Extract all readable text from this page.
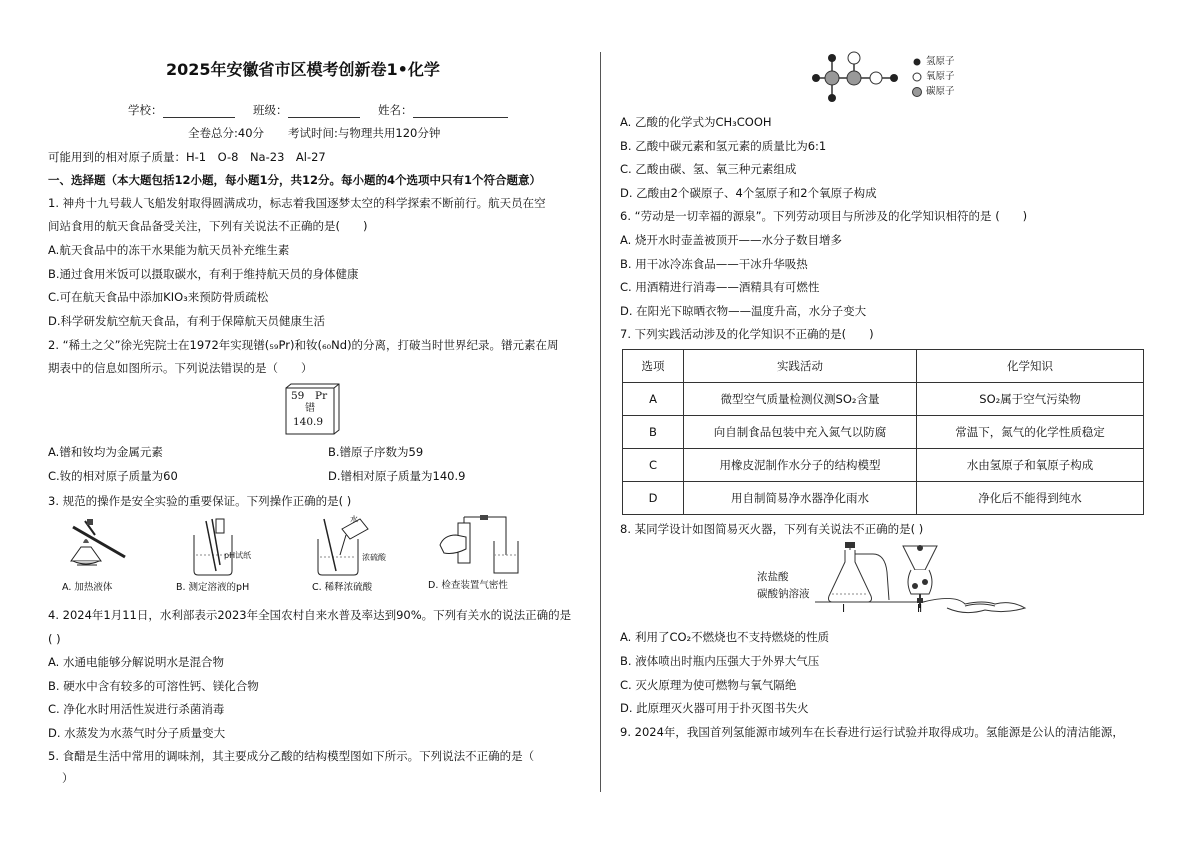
2025年安徽省市区模考创新卷1•化学
学校：	班级：	姓名：
全卷总分:40分 考试时间:与物理共用120分钟
可能用到的相对原子质量：H-1　O-8　Na-23　Al-27
一、选择题（本大题包括12小题，每小题1分，共12分。每小题的4个选项中只有1个符合题意）
1. 神舟十九号载人飞船发射取得圆满成功，标志着我国逐梦太空的科学探索不断前行。航天员在空
间站食用的航天食品备受关注，下列有关说法不正确的是(　　)
A.航天食品中的冻干水果能为航天员补充维生素
B.通过食用米饭可以摄取碳水，有利于维持航天员的身体健康
C.可在航天食品中添加KIO₃来预防骨质疏松
D.科学研发航空航天食品，有利于保障航天员健康生活
2. “稀土之父”徐光宪院士在1972年实现镨(₅₉Pr)和钕(₆₀Nd)的分离，打破当时世界纪录。镨元素在周
期表中的信息如图所示。下列说法错误的是（　　）
59 Pr
镨
140.9
A.镨和钕均为金属元素	B.镨原子序数为59
C.钕的相对原子质量为60	D.镨相对原子质量为140.9
3. 规范的操作是安全实验的重要保证。下列操作正确的是( )
A. 加热液体
pH试纸
B. 测定溶液的pH
水
浓硫酸
C. 稀释浓硫酸	D. 检查装置气密性
4. 2024年1月11日，水利部表示2023年全国农村自来水普及率达到90%。下列有关水的说法正确的是
( )
A. 水通电能够分解说明水是混合物
B. 硬水中含有较多的可溶性钙、镁化合物
C. 净化水时用活性炭进行杀菌消毒
D. 水蒸发为水蒸气时分子质量变大
5. 食醋是生活中常用的调味剂，其主要成分乙酸的结构模型图如下所示。下列说法不正确的是（
）
氢原子
氧原子
碳原子
A. 乙酸的化学式为CH₃COOH
B. 乙酸中碳元素和氢元素的质量比为6:1
C. 乙酸由碳、氢、氧三种元素组成
D. 乙酸由2个碳原子、4个氢原子和2个氧原子构成
6. “劳动是一切幸福的源泉”。下列劳动项目与所涉及的化学知识相符的是 (　　)
A. 烧开水时壶盖被顶开——水分子数目增多
B. 用干冰冷冻食品——干冰升华吸热
C. 用酒精进行消毒——酒精具有可燃性
D. 在阳光下晾晒衣物——温度升高，水分子变大
7. 下列实践活动涉及的化学知识不正确的是(　　)
选项	实践活动	化学知识
A	微型空气质量检测仪测SO₂含量	SO₂属于空气污染物
B	向自制食品包装中充入氮气以防腐	常温下，氮气的化学性质稳定
C	用橡皮泥制作水分子的结构模型	水由氢原子和氧原子构成
D	用自制简易净水器净化雨水	净化后不能得到纯水
8. 某同学设计如图简易灭火器，下列有关说法不正确的是( )
浓盐酸
碳酸钠溶液
Ⅰ	Ⅱ
A. 利用了CO₂不燃烧也不支持燃烧的性质
B. 液体喷出时瓶内压强大于外界大气压
C. 灭火原理为使可燃物与氧气隔绝
D. 此原理灭火器可用于扑灭图书失火
9. 2024年，我国首列氢能源市域列车在长春进行运行试验并取得成功。氢能源是公认的清洁能源，
